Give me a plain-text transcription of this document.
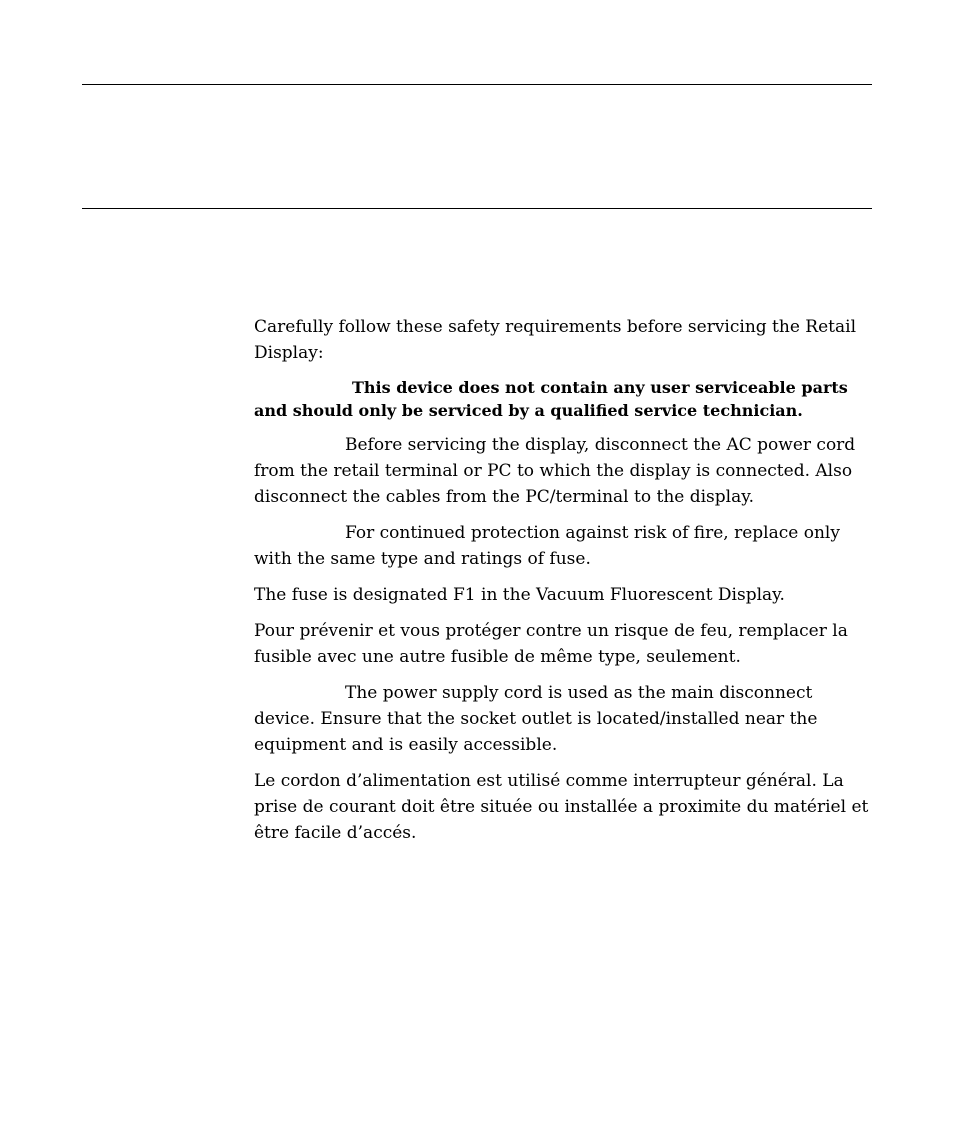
Carefully follow these safety requirements before servicing the Retail Display:

This device does not contain any user serviceable parts and should only be serviced by a qualified service technician.

Before servicing the display, disconnect the AC power cord from the retail terminal or PC to which the display is connected. Also disconnect the cables from the PC/terminal to the display.

For continued protection against risk of fire, replace only with the same type and ratings of fuse.

The fuse is designated F1 in the Vacuum Fluorescent Display.

Pour prévenir et vous protéger contre un risque de feu, remplacer la fusible avec une autre fusible de même type, seulement.

The power supply cord is used as the main disconnect device. Ensure that the socket outlet is located/installed near the equipment and is easily accessible.

Le cordon d’alimentation est utilisé comme interrupteur général. La prise de courant doit être située ou installée a proximite du matériel et être facile d’accés.
